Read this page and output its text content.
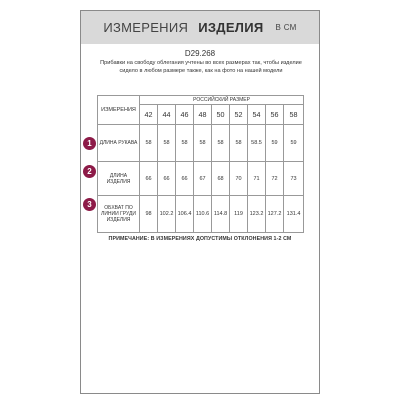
ИЗМЕРЕНИЯ ИЗДЕЛИЯ В СМ
D29.268
Прибавки на свободу облегания учтены во всех размерах так, чтобы изделие сидело в любом размере также, как на фото на нашей модели
ПРИМЕЧАНИЕ: В ИЗМЕРЕНИЯХ ДОПУСТИМЫ ОТКЛОНЕНИЯ 1-2 СМ
ИЗМЕРЕНИЯ	РОССИЙСКИЙ РАЗМЕР								
	42	44	46	48	50	52	54	56	58
ДЛИНА РУКАВА	58	58	58	58	58	58	58.5	59	59
ДЛИНА ИЗДЕЛИЯ	66	66	66	67	68	70	71	72	73
ОБХВАТ ПО ЛИНИИ ГРУДИ ИЗДЕЛИЯ	98	102.2	106.4	110.6	114.8	119	123.2	127.2	131.4
1
2
3
